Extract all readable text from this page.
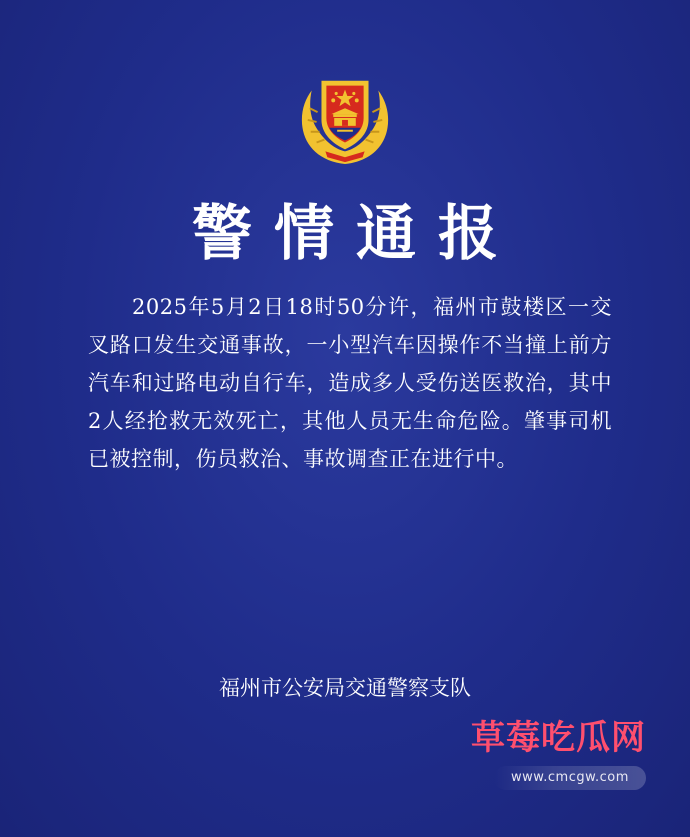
警情通报

2025年5月2日18时50分许，福州市鼓楼区一交叉路口发生交通事故，一小型汽车因操作不当撞上前方汽车和过路电动自行车，造成多人受伤送医救治，其中2人经抢救无效死亡，其他人员无生命危险。肇事司机已被控制，伤员救治、事故调查正在进行中。

福州市公安局交通警察支队

草莓吃瓜网
www.cmcgw.com
